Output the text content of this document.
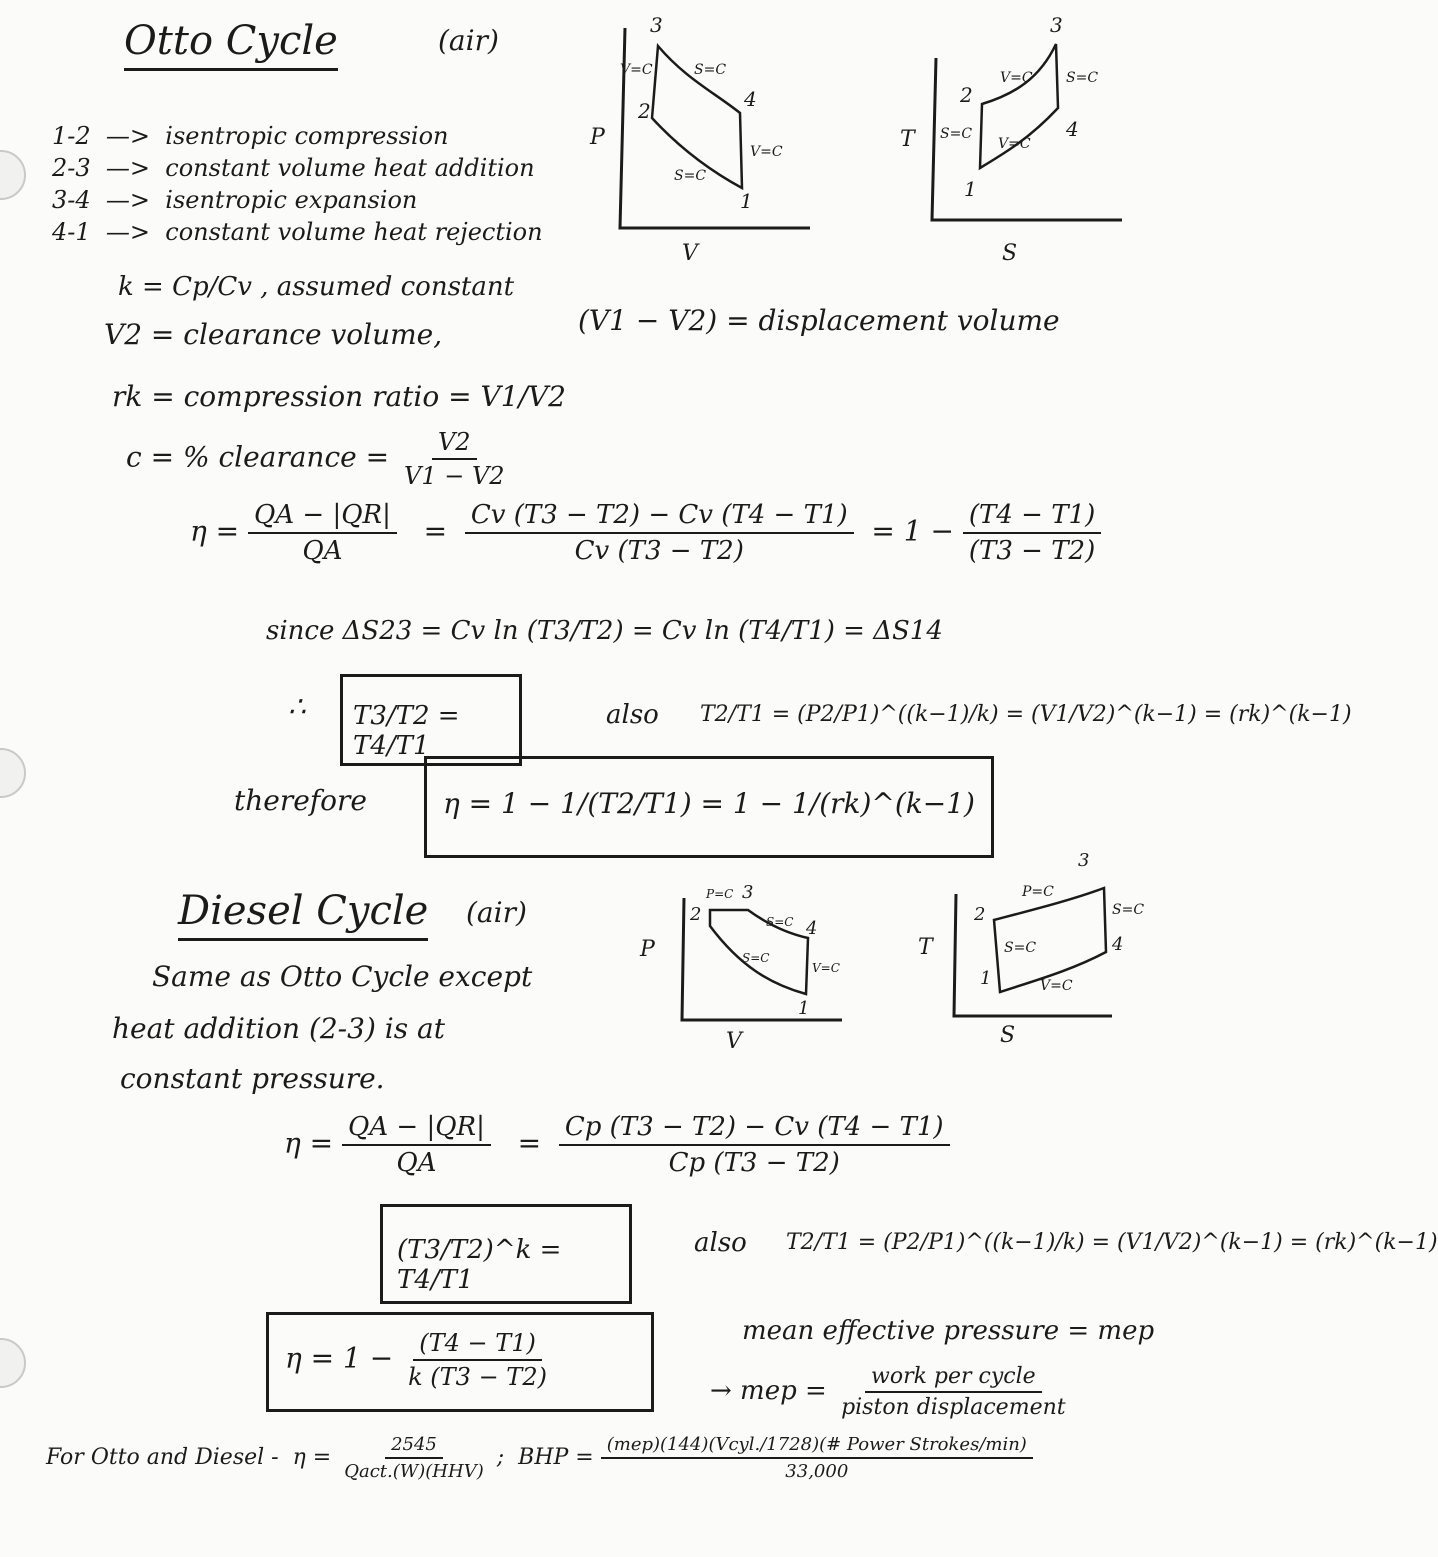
Otto Cycle	(air)
1-2  —>  isentropic compression
2-3  —>  constant volume heat addition
3-4  —>  isentropic expansion
4-1  —>  constant volume heat rejection
3
2	4
1
V=C	S=C
V=C
S=C
P
V
3
2
4
1
V=C S=C
V=C
S=C
T
S
k = Cp/Cv , assumed constant
V2 = clearance volume,	(V1 − V2) = displacement volume
rk = compression ratio = V1/V2
c = % clearance = $\frac{V2}{V1 - V2}$
$\eta = \frac{QA - |QR|}{QA} = \frac{Cv (T3 - T2) - Cv (T4 - T1)}{Cv (T3 - T2)} = 1 - \frac{(T4 - T1)}{(T3 - T2)}$
since ΔS23 = Cv ln (T3/T2) = Cv ln (T4/T1) = ΔS14
∴	T3/T2 = T4/T1
also T2/T1 = (P2/P1)^((k−1)/k) = (V1/V2)^(k−1) = (rk)^(k−1)
therefore	η = 1 − 1/(T2/T1) = 1 − 1/(rk)^(k−1)
Diesel Cycle (air)
Same as Otto Cycle except
heat addition (2-3) is at
constant pressure.
3
2
4
1
P=C
S=C
V=C
S=C
P
V
3
2
4
1
P=C
S=C
V=C
S=C
T
S
$\eta = \frac{QA - |QR|}{QA} = \frac{Cp (T3 - T2) - Cv (T4 - T1)}{Cp (T3 - T2)}$
(T3/T2)^k = T4/T1
also T2/T1 = (P2/P1)^((k−1)/k) = (V1/V2)^(k−1) = (rk)^(k−1)
$\eta = 1 - \frac{(T4 - T1)}{k (T3 - T2)}$	mean effective pressure = mep
→ mep = $\frac{\text{work per cycle}}{\text{piston displacement}}$
For Otto and Diesel - $\eta = \frac{2545}{\text{Qact.(W)(HHV)}}$ ; BHP = $\frac{\text{(mep)(144)(Vcyl./1728)(\# Power Strokes/min)}}{33,000}$
